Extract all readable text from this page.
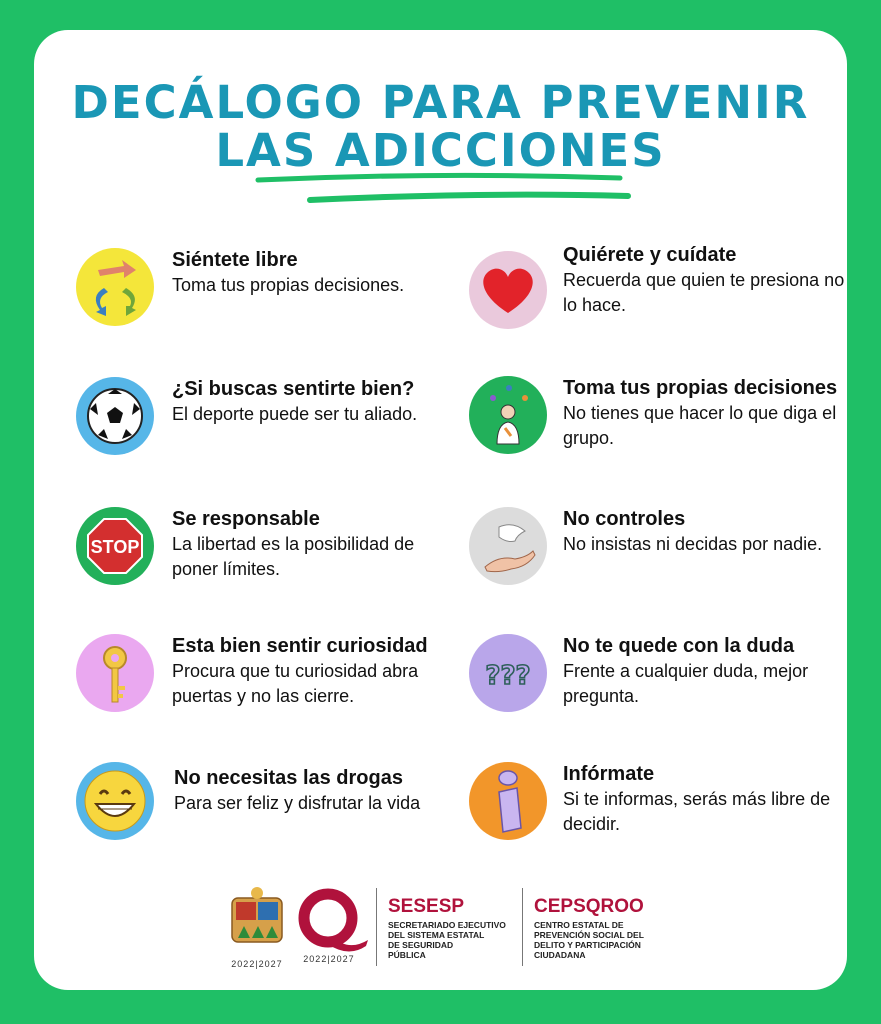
DECÁLOGO PARA PREVENIR
LAS ADICCIONES
Siéntete libre
Toma tus propias decisiones.
Quiérete y cuídate
Recuerda que quien te presiona no lo hace.
¿Si buscas sentirte bien?
El deporte puede ser tu aliado.
Toma tus propias decisiones
No tienes que hacer lo que diga el grupo.
STOP
Se responsable
La libertad es la posibilidad de poner límites.
No controles
No insistas ni decidas por nadie.
Esta bien sentir curiosidad
Procura que tu curiosidad abra puertas y no las cierre.
???
No te quede con la duda
Frente a cualquier duda, mejor pregunta.
No necesitas las drogas
Para ser feliz y disfrutar la vida
Infórmate
Si te informas, serás más libre de decidir.
2022|2027	2022|2027
SESESP
SECRETARIADO EJECUTIVO
DEL SISTEMA ESTATAL
DE SEGURIDAD
PÚBLICA
CEPSQROO
CENTRO ESTATAL DE
PREVENCIÓN SOCIAL DEL
DELITO Y PARTICIPACIÓN
CIUDADANA
